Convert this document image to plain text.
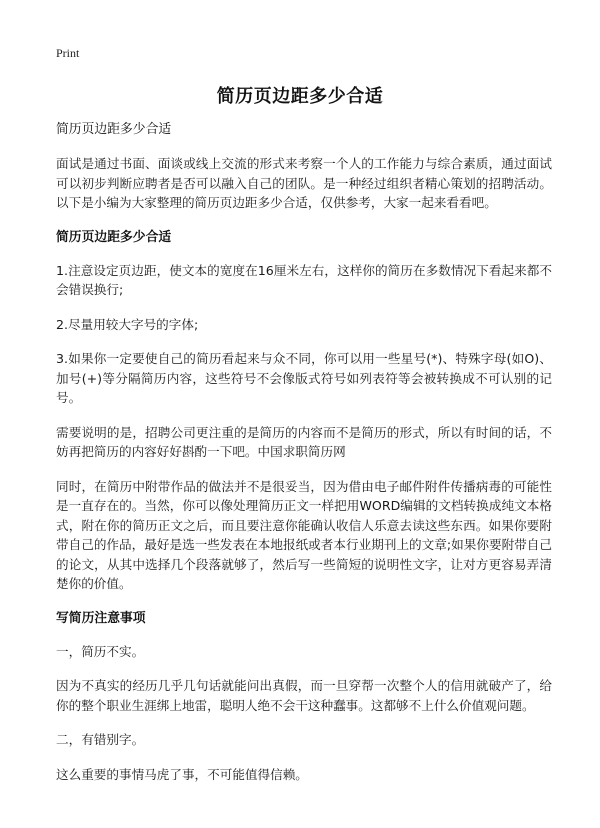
Print
简历页边距多少合适

简历页边距多少合适

面试是通过书面、面谈或线上交流的形式来考察一个人的工作能力与综合素质，通过面试可以初步判断应聘者是否可以融入自己的团队。是一种经过组织者精心策划的招聘活动。以下是小编为大家整理的简历页边距多少合适，仅供参考，大家一起来看看吧。

简历页边距多少合适

1.注意设定页边距，使文本的宽度在16厘米左右，这样你的简历在多数情况下看起来都不会错误换行;

2.尽量用较大字号的字体;

3.如果你一定要使自己的简历看起来与众不同，你可以用一些星号(*)、特殊字母(如O)、加号(+)等分隔简历内容，这些符号不会像版式符号如列表符等会被转换成不可认别的记号。

需要说明的是，招聘公司更注重的是简历的内容而不是简历的形式，所以有时间的话，不妨再把简历的内容好好斟酌一下吧。中国求职简历网

同时，在简历中附带作品的做法并不是很妥当，因为借由电子邮件附件传播病毒的可能性是一直存在的。当然，你可以像处理简历正文一样把用WORD编辑的文档转换成纯文本格式，附在你的简历正文之后，而且要注意你能确认收信人乐意去读这些东西。如果你要附带自己的作品，最好是选一些发表在本地报纸或者本行业期刊上的文章;如果你要附带自己的论文，从其中选择几个段落就够了，然后写一些简短的说明性文字，让对方更容易弄清楚你的价值。

写简历注意事项

一，简历不实。

因为不真实的经历几乎几句话就能问出真假，而一旦穿帮一次整个人的信用就破产了，给你的整个职业生涯绑上地雷，聪明人绝不会干这种蠢事。这都够不上什么价值观问题。

二，有错别字。

这么重要的事情马虎了事，不可能值得信赖。
